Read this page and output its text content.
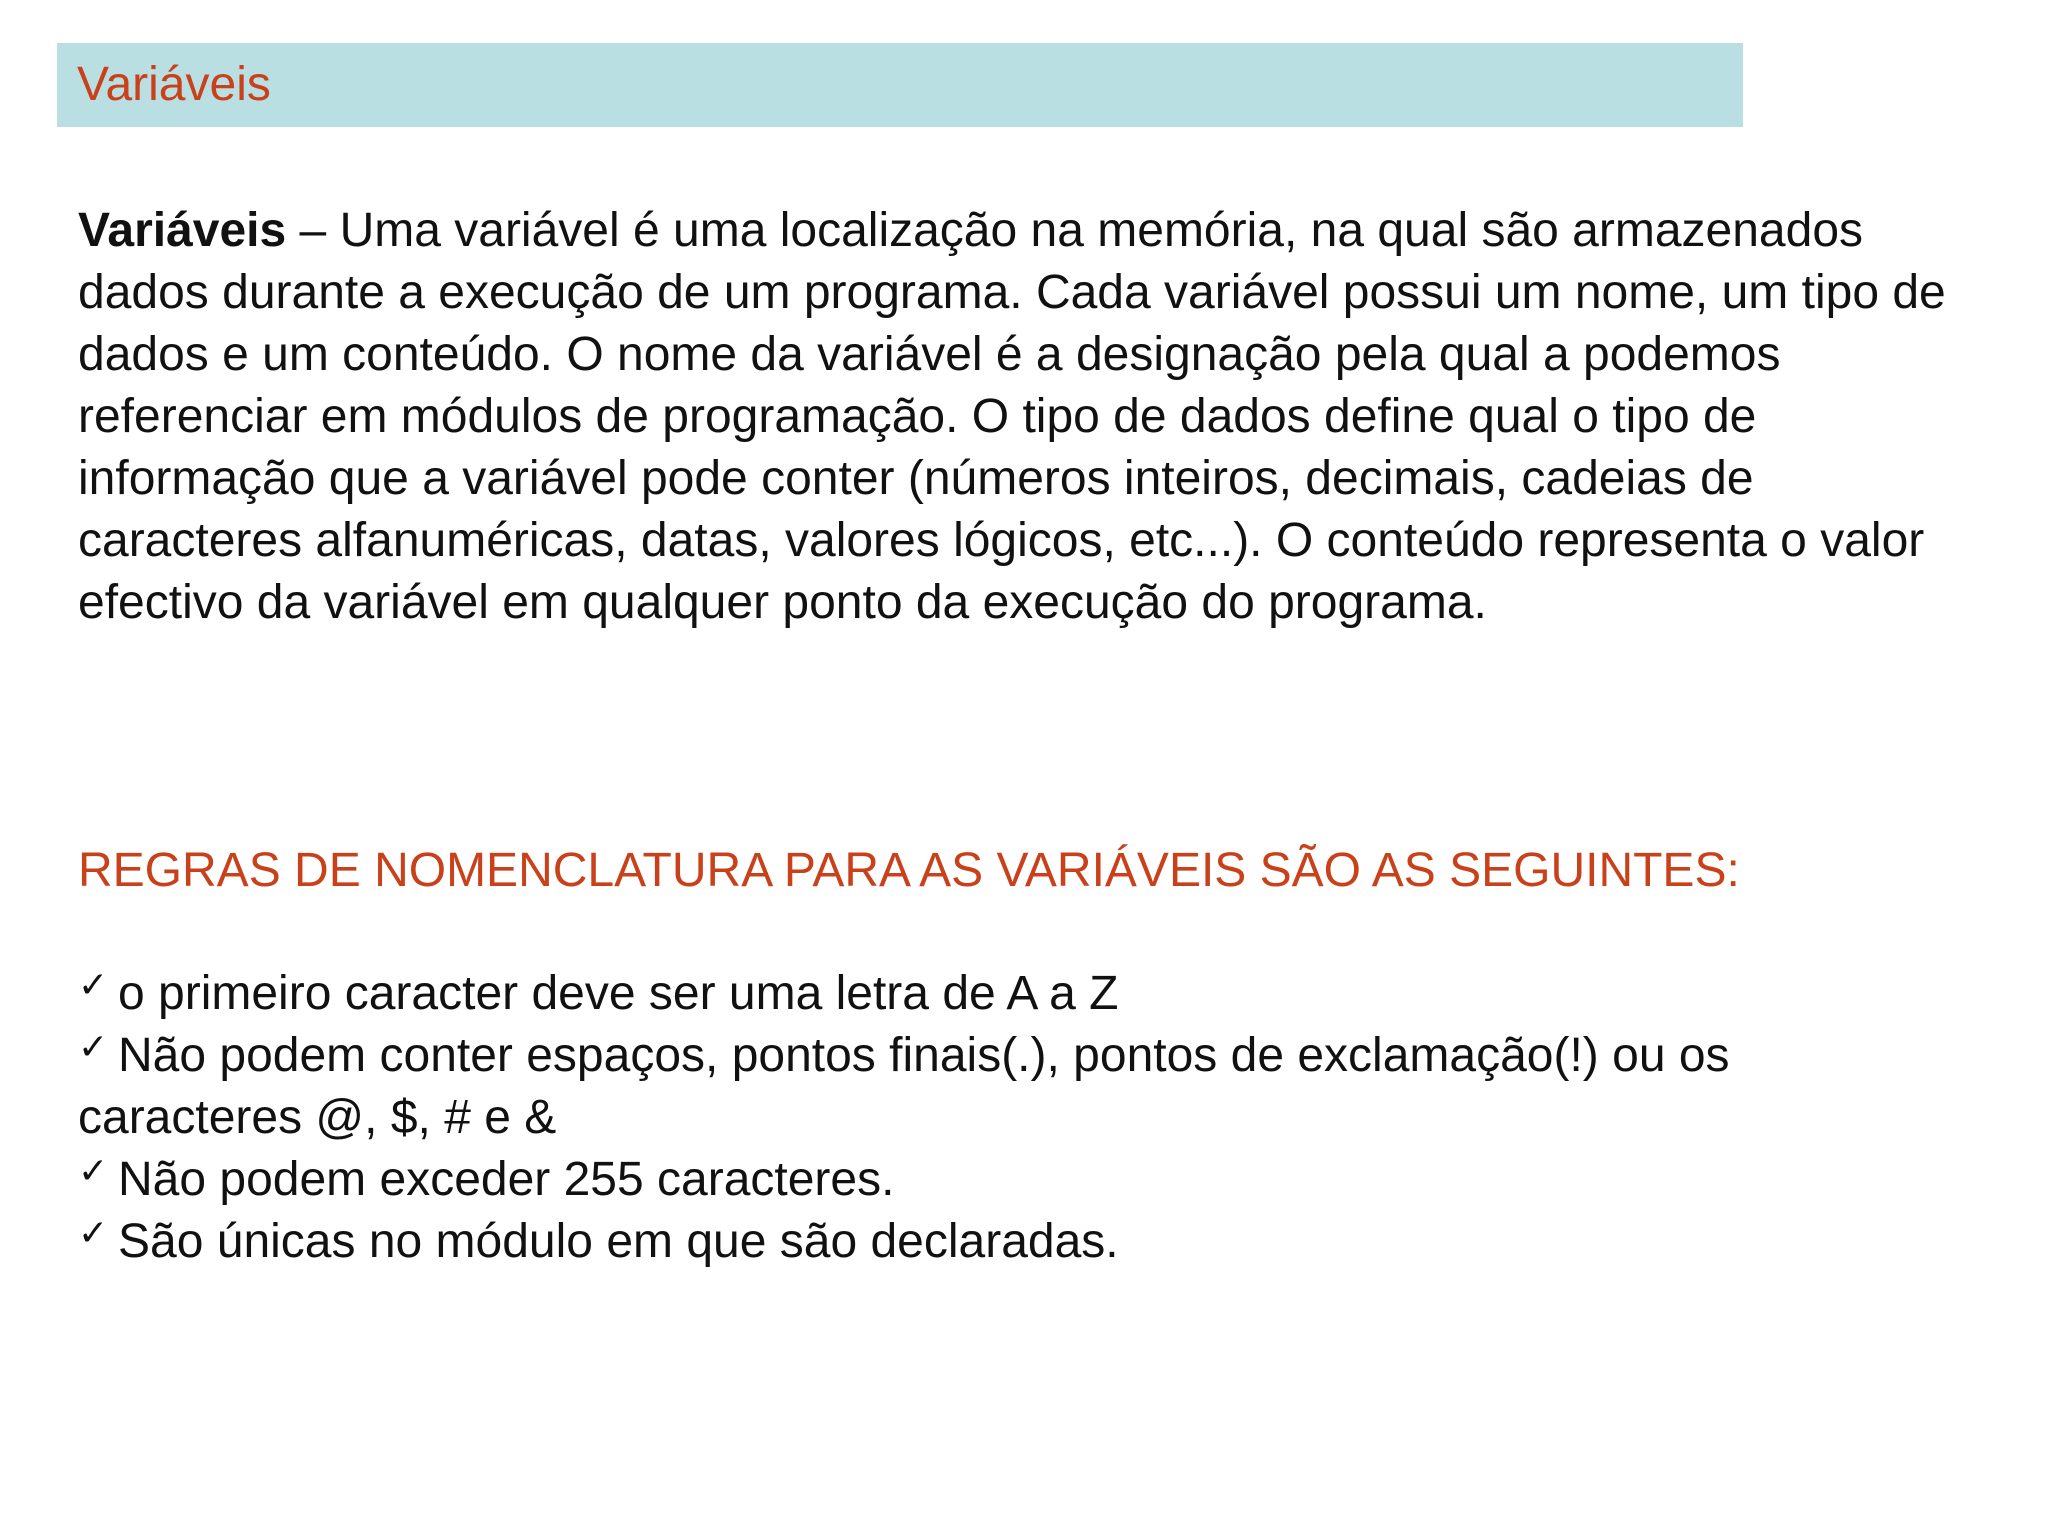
Variáveis

Variáveis – Uma variável é uma localização na memória, na qual são armazenados dados durante a execução de um programa. Cada variável possui um nome, um tipo de dados e um conteúdo. O nome da variável é a designação pela qual a podemos referenciar em módulos de programação. O tipo de dados define qual o tipo de informação que a variável pode conter (números inteiros, decimais, cadeias de caracteres alfanuméricas, datas, valores lógicos, etc...). O conteúdo representa o valor efectivo da variável em qualquer ponto da execução do programa.

REGRAS DE NOMENCLATURA PARA AS VARIÁVEIS SÃO AS SEGUINTES:

✓ o primeiro caracter deve ser uma letra de A a Z
✓ Não podem conter espaços, pontos finais(.), pontos de exclamação(!) ou os caracteres @, $, # e &
✓ Não podem exceder 255 caracteres.
✓ São únicas no módulo em que são declaradas.
